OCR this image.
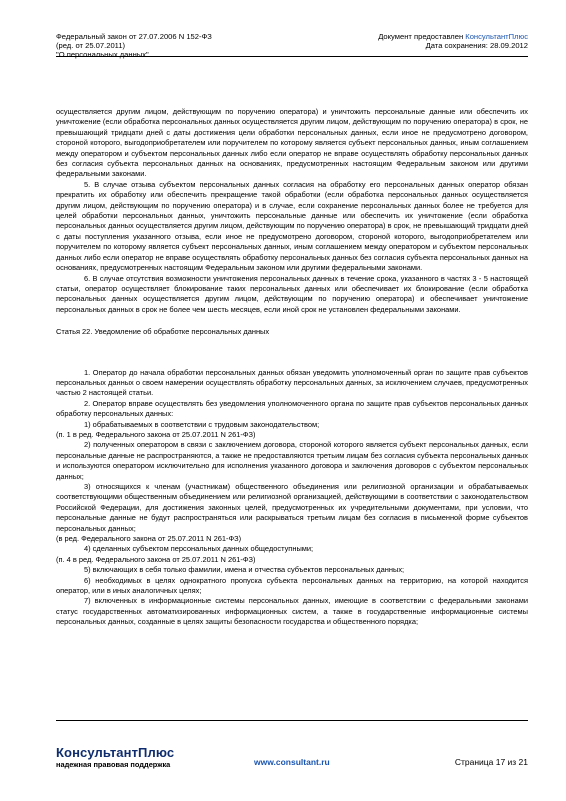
Федеральный закон от 27.07.2006 N 152-ФЗ
(ред. от 25.07.2011)
"О персональных данных"
Документ предоставлен КонсультантПлюс
Дата сохранения: 28.09.2012

осуществляется другим лицом, действующим по поручению оператора) и уничтожить персональные данные или обеспечить их уничтожение (если обработка персональных данных осуществляется другим лицом, действующим по поручению оператора) в срок, не превышающий тридцати дней с даты достижения цели обработки персональных данных, если иное не предусмотрено договором, стороной которого, выгодоприобретателем или поручителем по которому является субъект персональных данных, иным соглашением между оператором и субъектом персональных данных либо если оператор не вправе осуществлять обработку персональных данных без согласия субъекта персональных данных на основаниях, предусмотренных настоящим Федеральным законом или другими федеральными законами.

5. В случае отзыва субъектом персональных данных согласия на обработку его персональных данных оператор обязан прекратить их обработку или обеспечить прекращение такой обработки (если обработка персональных данных осуществляется другим лицом, действующим по поручению оператора) и в случае, если сохранение персональных данных более не требуется для целей обработки персональных данных, уничтожить персональные данные или обеспечить их уничтожение (если обработка персональных данных осуществляется другим лицом, действующим по поручению оператора) в срок, не превышающий тридцати дней с даты поступления указанного отзыва, если иное не предусмотрено договором, стороной которого, выгодоприобретателем или поручителем по которому является субъект персональных данных, иным соглашением между оператором и субъектом персональных данных либо если оператор не вправе осуществлять обработку персональных данных без согласия субъекта персональных данных на основаниях, предусмотренных настоящим Федеральным законом или другими федеральными законами.

6. В случае отсутствия возможности уничтожения персональных данных в течение срока, указанного в частях 3 - 5 настоящей статьи, оператор осуществляет блокирование таких персональных данных или обеспечивает их блокирование (если обработка персональных данных осуществляется другим лицом, действующим по поручению оператора) и обеспечивает уничтожение персональных данных в срок не более чем шесть месяцев, если иной срок не установлен федеральными законами.

Статья 22. Уведомление об обработке персональных данных

1. Оператор до начала обработки персональных данных обязан уведомить уполномоченный орган по защите прав субъектов персональных данных о своем намерении осуществлять обработку персональных данных, за исключением случаев, предусмотренных частью 2 настоящей статьи.

2. Оператор вправе осуществлять без уведомления уполномоченного органа по защите прав субъектов персональных данных обработку персональных данных:

1) обрабатываемых в соответствии с трудовым законодательством;

(п. 1 в ред. Федерального закона от 25.07.2011 N 261-ФЗ)

2) полученных оператором в связи с заключением договора, стороной которого является субъект персональных данных, если персональные данные не распространяются, а также не предоставляются третьим лицам без согласия субъекта персональных данных и используются оператором исключительно для исполнения указанного договора и заключения договоров с субъектом персональных данных;

3) относящихся к членам (участникам) общественного объединения или религиозной организации и обрабатываемых соответствующими общественным объединением или религиозной организацией, действующими в соответствии с законодательством Российской Федерации, для достижения законных целей, предусмотренных их учредительными документами, при условии, что персональные данные не будут распространяться или раскрываться третьим лицам без согласия в письменной форме субъектов персональных данных;

(в ред. Федерального закона от 25.07.2011 N 261-ФЗ)

4) сделанных субъектом персональных данных общедоступными;

(п. 4 в ред. Федерального закона от 25.07.2011 N 261-ФЗ)

5) включающих в себя только фамилии, имена и отчества субъектов персональных данных;

6) необходимых в целях однократного пропуска субъекта персональных данных на территорию, на которой находится оператор, или в иных аналогичных целях;

7) включенных в информационные системы персональных данных, имеющие в соответствии с федеральными законами статус государственных автоматизированных информационных систем, а также в государственные информационные системы персональных данных, созданные в целях защиты безопасности государства и общественного порядка;

КонсультантПлюс
надежная правовая поддержка	www.consultant.ru	Страница 17 из 21
